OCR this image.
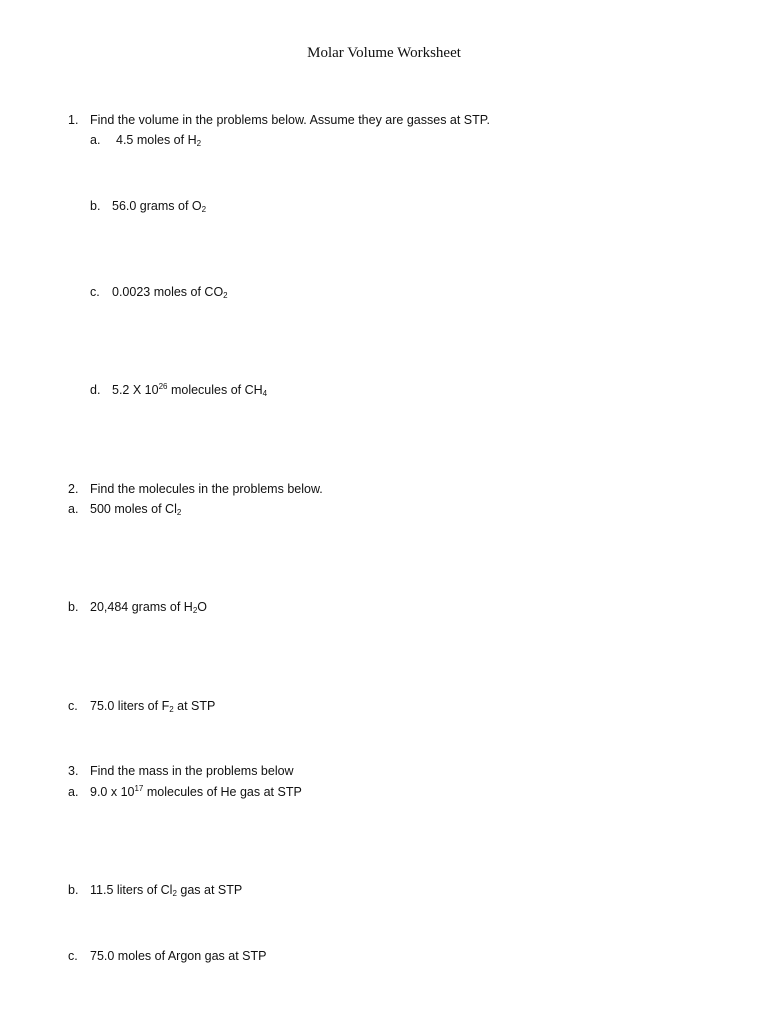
Molar Volume Worksheet
1. Find the volume in the problems below. Assume they are gasses at STP.
a. 4.5 moles of $H_2$
b. 56.0 grams of $O_2$
c. 0.0023 moles of $CO_2$
d. 5.2 X $10^{26}$ molecules of $CH_4$
2. Find the molecules in the problems below.
a. 500 moles of $Cl_2$
b. 20,484 grams of $H_2O$
c. 75.0 liters of $F_2$ at STP
3. Find the mass in the problems below
a. 9.0 x $10^{17}$ molecules of He gas at STP
b. 11.5 liters of $Cl_2$ gas at STP
c. 75.0 moles of Argon gas at STP
